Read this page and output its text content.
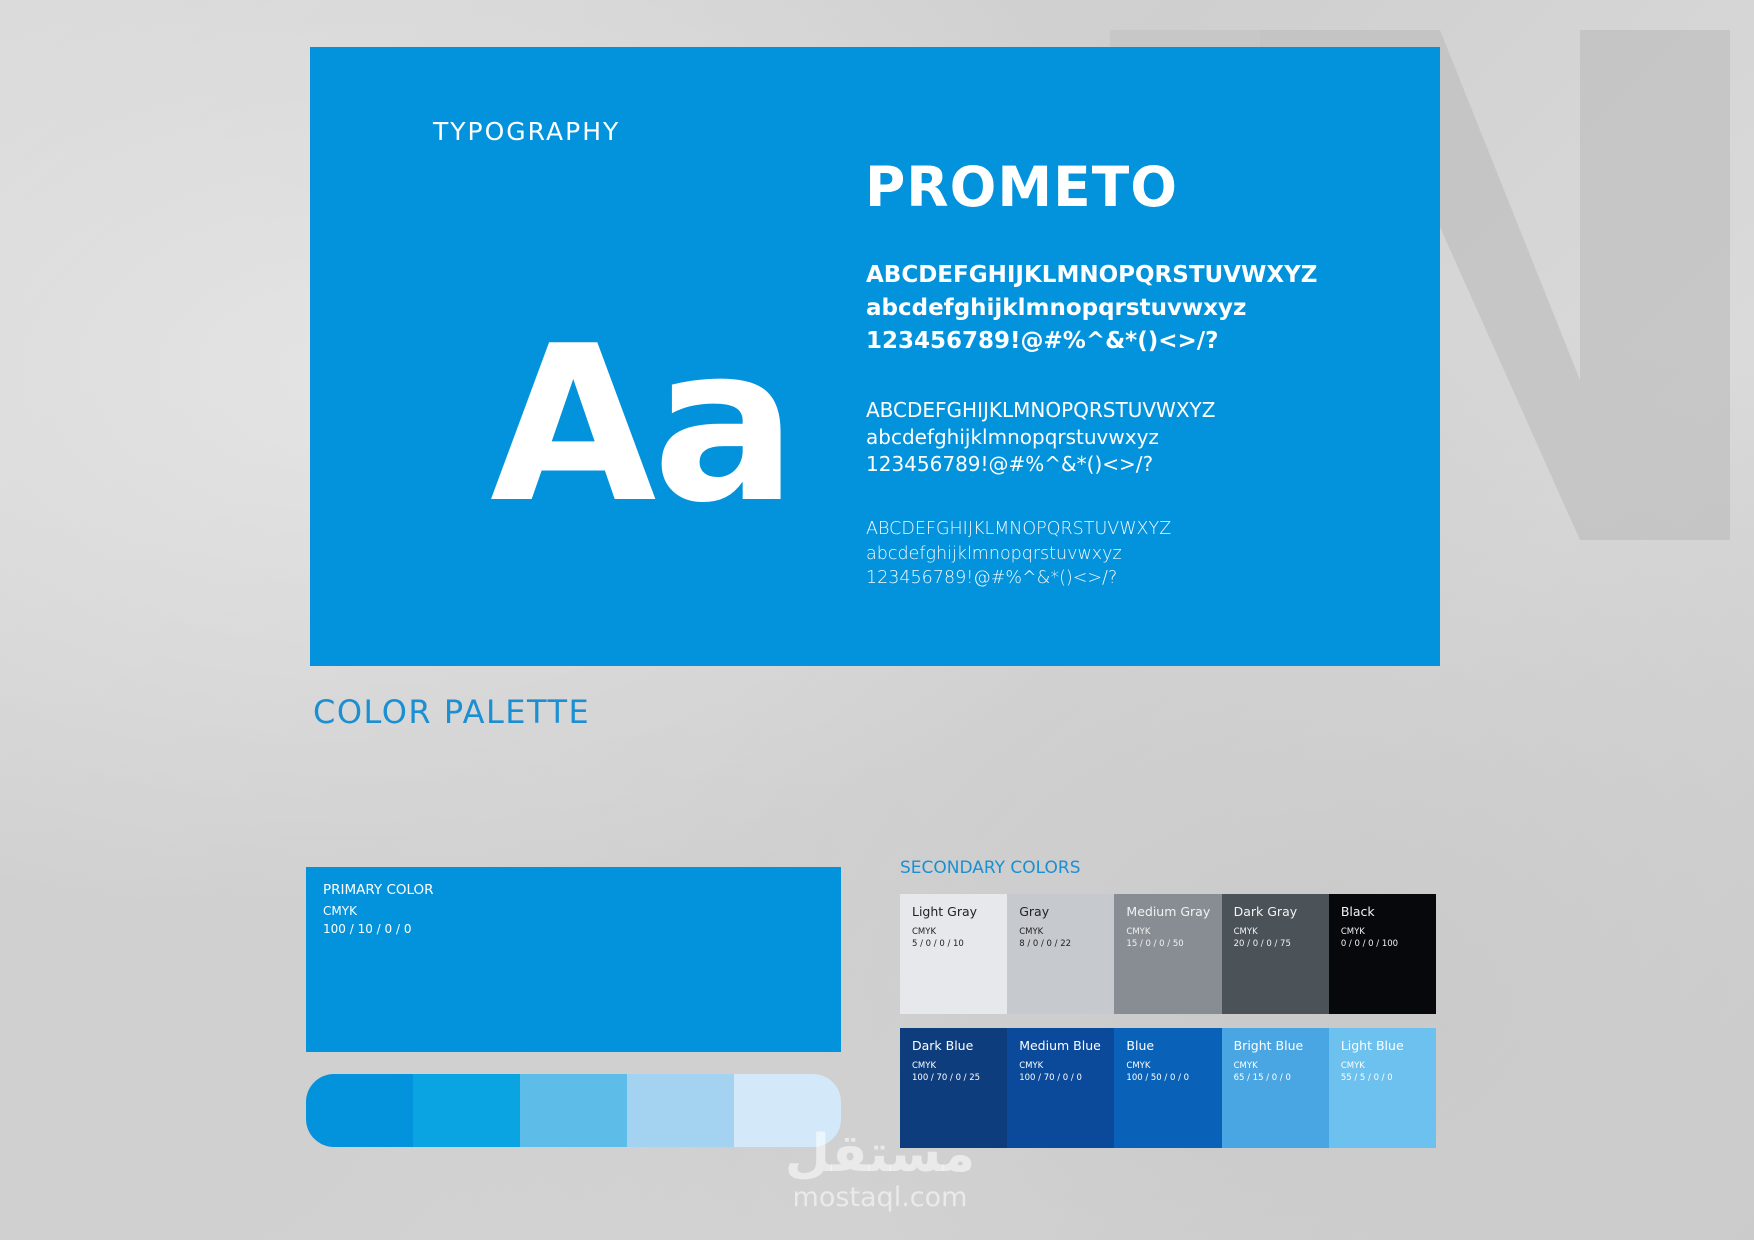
TYPOGRAPHY
Aa
PROMETO
ABCDEFGHIJKLMNOPQRSTUVWXYZ
abcdefghijklmnopqrstuvwxyz
123456789!@#%^&*()<>/?
ABCDEFGHIJKLMNOPQRSTUVWXYZ
abcdefghijklmnopqrstuvwxyz
123456789!@#%^&*()<>/?
ABCDEFGHIJKLMNOPQRSTUVWXYZ
abcdefghijklmnopqrstuvwxyz
123456789!@#%^&*()<>/?
COLOR PALETTE
PRIMARY COLOR
CMYK
100 / 10 / 0 / 0
SECONDARY COLORS
Light Gray
CMYK
5 / 0 / 0 / 10
Gray
CMYK
8 / 0 / 0 / 22
Medium Gray
CMYK
15 / 0 / 0 / 50
Dark Gray
CMYK
20 / 0 / 0 / 75
Black
CMYK
0 / 0 / 0 / 100
Dark Blue
CMYK
100 / 70 / 0 / 25
Medium Blue
CMYK
100 / 70 / 0 / 0
Blue
CMYK
100 / 50 / 0 / 0
Bright Blue
CMYK
65 / 15 / 0 / 0
Light Blue
CMYK
55 / 5 / 0 / 0
مستقل
mostaql.com
